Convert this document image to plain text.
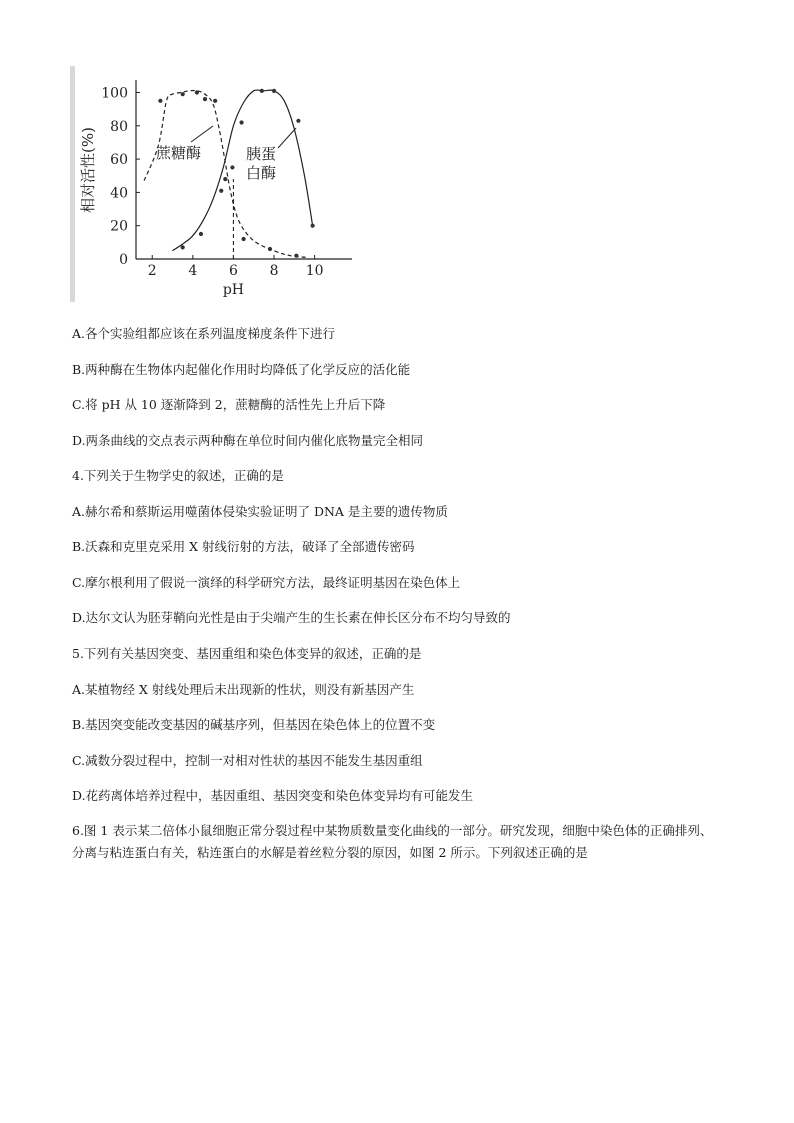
2 4 6 8 10
0
20
40
60
80
100
pH
相对活性(%)	蔗糖酶	胰蛋
白酶
A.各个实验组都应该在系列温度梯度条件下进行
B.两种酶在生物体内起催化作用时均降低了化学反应的活化能
C.将 pH 从 10 逐渐降到 2，蔗糖酶的活性先上升后下降
D.两条曲线的交点表示两种酶在单位时间内催化底物量完全相同
4.下列关于生物学史的叙述，正确的是
A.赫尔希和蔡斯运用噬菌体侵染实验证明了 DNA 是主要的遗传物质
B.沃森和克里克采用 X 射线衍射的方法，破译了全部遗传密码
C.摩尔根利用了假说一演绎的科学研究方法，最终证明基因在染色体上
D.达尔文认为胚芽鞘向光性是由于尖端产生的生长素在伸长区分布不均匀导致的
5.下列有关基因突变、基因重组和染色体变异的叙述，正确的是
A.某植物经 X 射线处理后未出现新的性状，则没有新基因产生
B.基因突变能改变基因的碱基序列，但基因在染色体上的位置不变
C.减数分裂过程中，控制一对相对性状的基因不能发生基因重组
D.花药离体培养过程中，基因重组、基因突变和染色体变异均有可能发生
6.图 1 表示某二倍体小鼠细胞正常分裂过程中某物质数量变化曲线的一部分。研究发现，细胞中染色体的正确排列、分离与粘连蛋白有关，粘连蛋白的水解是着丝粒分裂的原因，如图 2 所示。下列叙述正确的是
